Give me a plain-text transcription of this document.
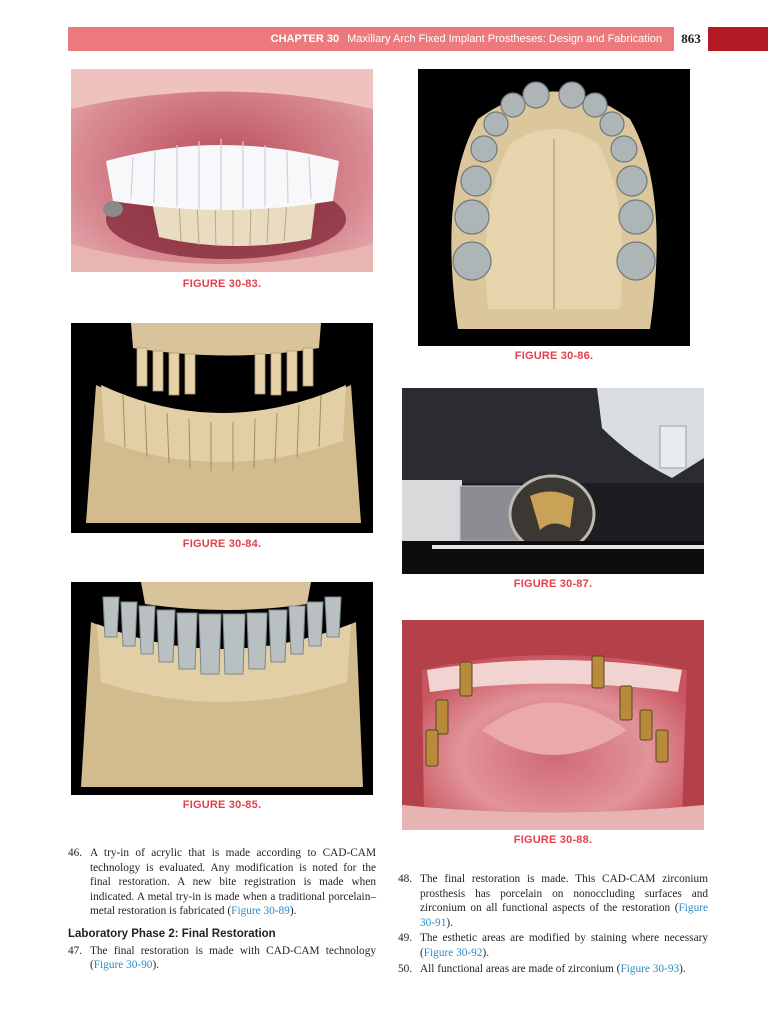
CHAPTER 30 Maxillary Arch Fixed Implant Prostheses: Design and Fabrication	863
FIGURE 30-83.
FIGURE 30-84.
FIGURE 30-85.
FIGURE 30-86.
FIGURE 30-87.
FIGURE 30-88.
46. A try-in of acrylic that is made according to CAD-CAM technology is evaluated. Any modification is noted for the final restoration. A new bite registration is made when indicated. A metal try-in is made when a traditional porcelain–metal restoration is fabricated (Figure 30-89).
Laboratory Phase 2: Final Restoration
47. The final restoration is made with CAD-CAM technology (Figure 30-90).
48. The final restoration is made. This CAD-CAM zirconium prosthesis has porcelain on nonoccluding surfaces and zirconium on all functional aspects of the restoration (Figure 30-91).
49. The esthetic areas are modified by staining where necessary (Figure 30-92).
50. All functional areas are made of zirconium (Figure 30-93).
